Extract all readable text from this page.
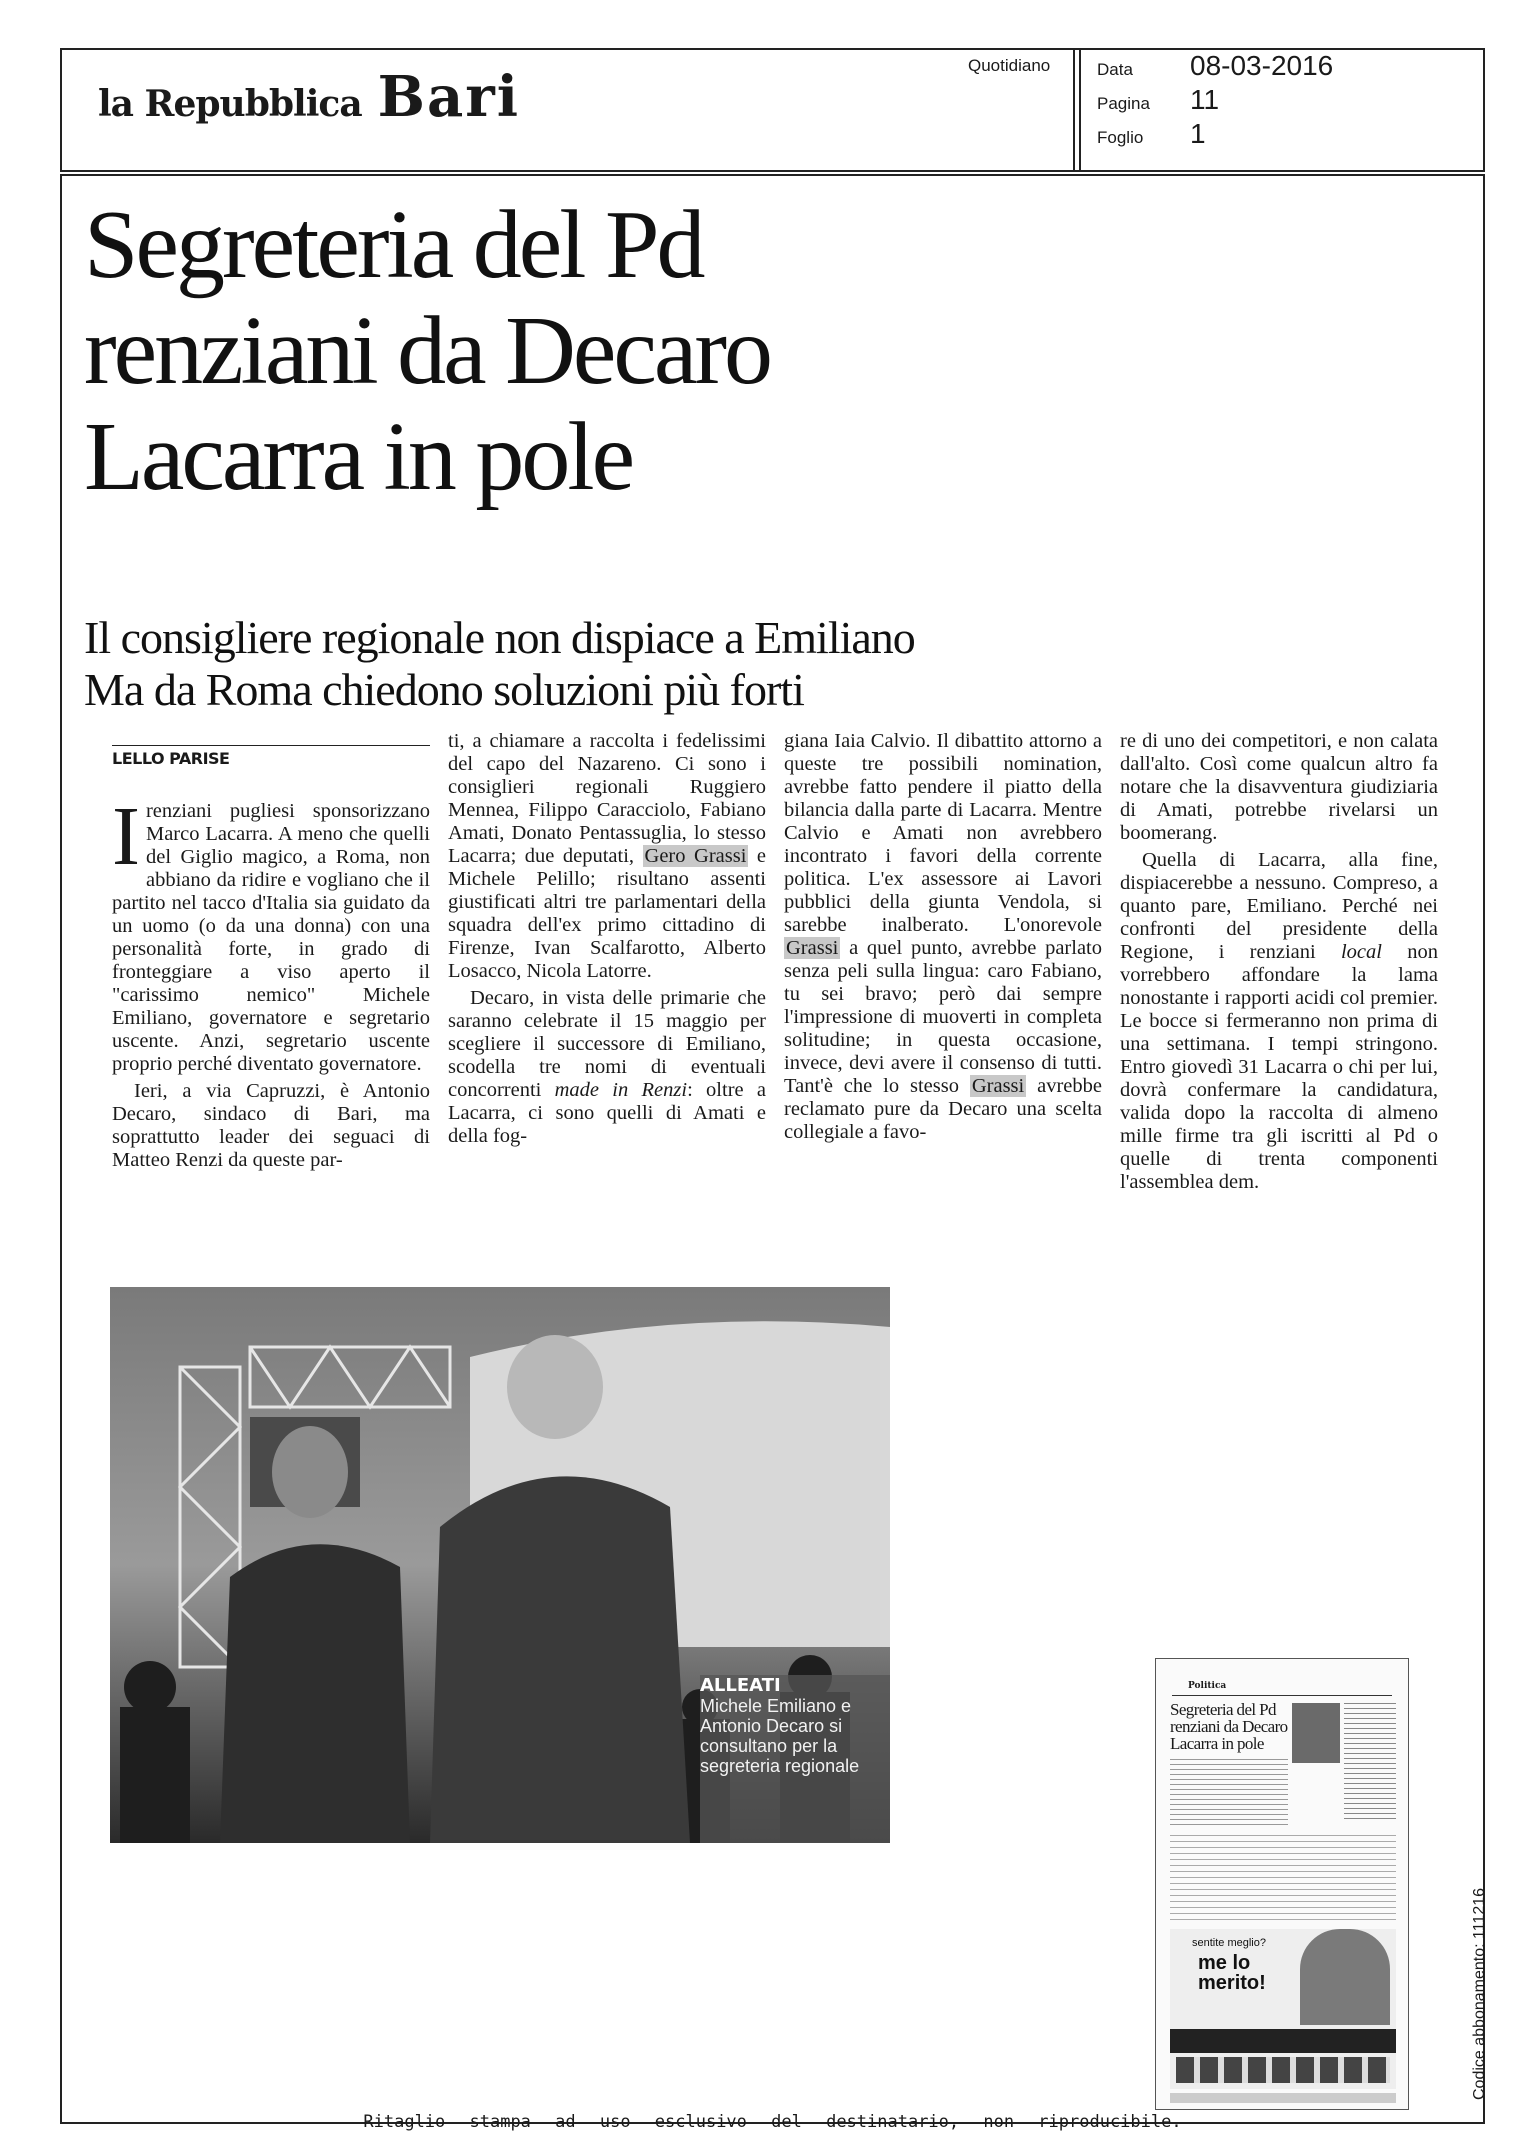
la Repubblica Bari	Quotidiano	Data 08-03-2016
Pagina 11
Foglio 1
Segreteria del Pd
renziani da Decaro
Lacarra in pole
Il consigliere regionale non dispiace a Emiliano
Ma da Roma chiedono soluzioni più forti
LELLO PARISE

Irenziani pugliesi sponsorizzano Marco Lacarra. A meno che quelli del Giglio magico, a Roma, non abbiano da ridire e vogliano che il partito nel tacco d'Italia sia guidato da un uomo (o da una donna) con una personalità forte, in grado di fronteggiare a viso aperto il "carissimo nemico" Michele Emiliano, governatore e segretario uscente. Anzi, segretario uscente proprio perché diventato governatore.

Ieri, a via Capruzzi, è Antonio Decaro, sindaco di Bari, ma soprattutto leader dei seguaci di Matteo Renzi da queste par-

ti, a chiamare a raccolta i fedelissimi del capo del Nazareno. Ci sono i consiglieri regionali Ruggiero Mennea, Filippo Caracciolo, Fabiano Amati, Donato Pentassuglia, lo stesso Lacarra; due deputati, Gero Grassi e Michele Pelillo; risultano assenti giustificati altri tre parlamentari della squadra dell'ex primo cittadino di Firenze, Ivan Scalfarotto, Alberto Losacco, Nicola Latorre.

Decaro, in vista delle primarie che saranno celebrate il 15 maggio per scegliere il successore di Emiliano, scodella tre nomi di eventuali concorrenti made in Renzi: oltre a Lacarra, ci sono quelli di Amati e della fog-

giana Iaia Calvio. Il dibattito attorno a queste tre possibili nomination, avrebbe fatto pendere il piatto della bilancia dalla parte di Lacarra. Mentre Calvio e Amati non avrebbero incontrato i favori della corrente politica. L'ex assessore ai Lavori pubblici della giunta Vendola, si sarebbe inalberato. L'onorevole Grassi a quel punto, avrebbe parlato senza peli sulla lingua: caro Fabiano, tu sei bravo; però dai sempre l'impressione di muoverti in completa solitudine; in questa occasione, invece, devi avere il consenso di tutti. Tant'è che lo stesso Grassi avrebbe reclamato pure da Decaro una scelta collegiale a favo-

re di uno dei competitori, e non calata dall'alto. Così come qualcun altro fa notare che la disavventura giudiziaria di Amati, potrebbe rivelarsi un boomerang.

Quella di Lacarra, alla fine, dispiacerebbe a nessuno. Compreso, a quanto pare, Emiliano. Perché nei confronti del presidente della Regione, i renziani local non vorrebbero affondare la lama nonostante i rapporti acidi col premier. Le bocce si fermeranno non prima di una settimana. I tempi stringono. Entro giovedì 31 Lacarra o chi per lui, dovrà confermare la candidatura, valida dopo la raccolta di almeno mille firme tra gli iscritti al Pd o quelle di trenta componenti l'assemblea dem.

ALLEATI
Michele Emiliano e Antonio Decaro si consultano per la segreteria regionale
Politica
Segreteria del Pd
renziani da Decaro
Lacarra in pole
sentite meglio?
me lo
merito!	Codice abbonamento: 111216
Ritaglio stampa ad uso esclusivo del destinatario, non riproducibile.
